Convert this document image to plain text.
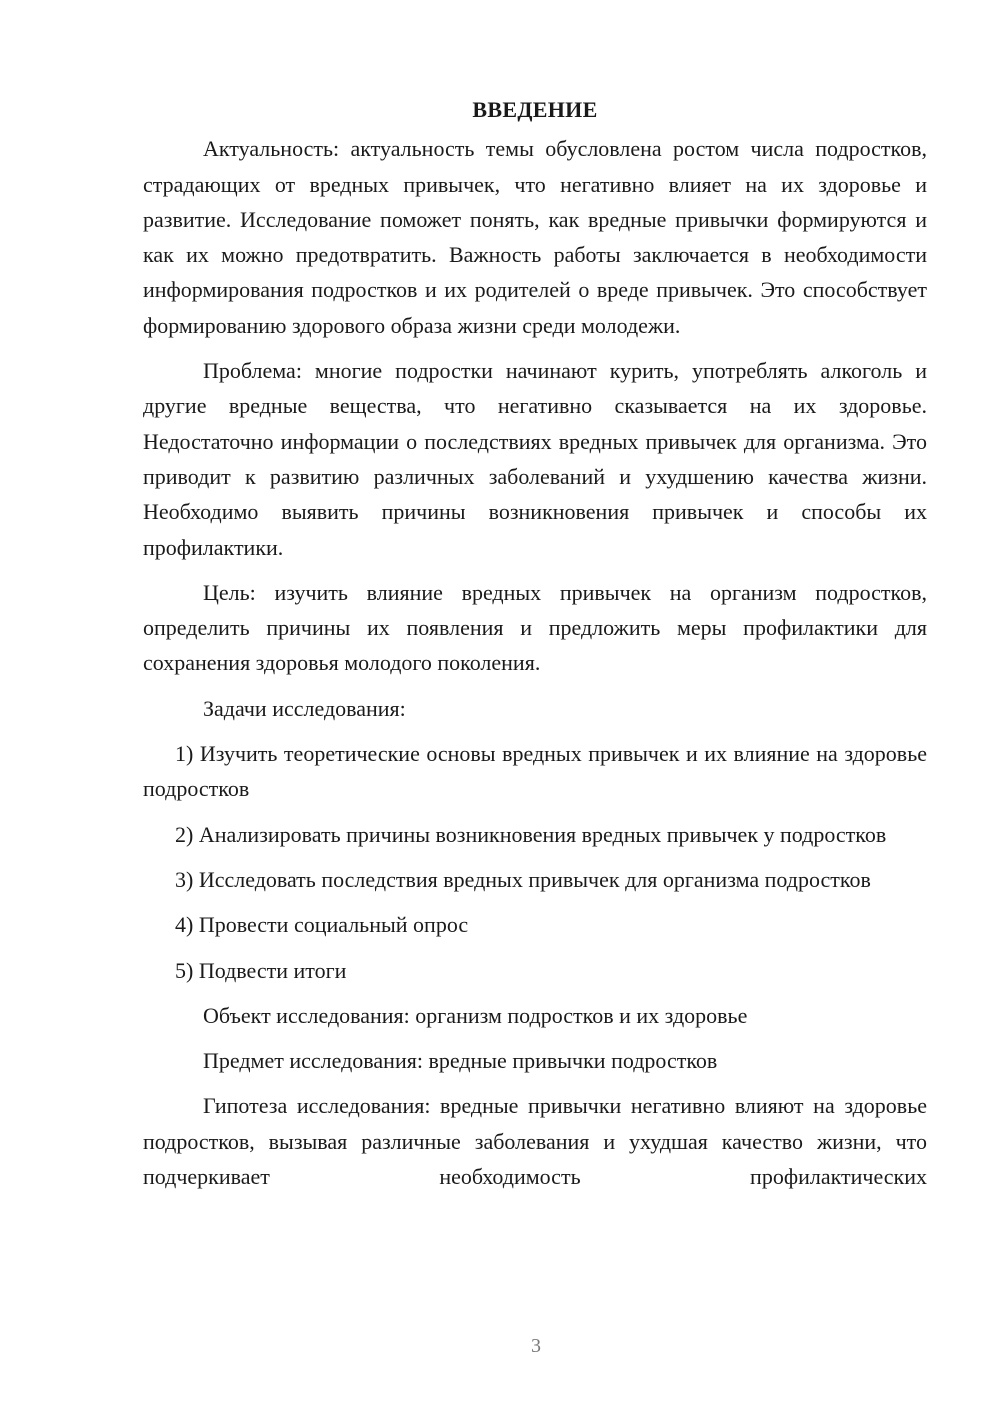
ВВЕДЕНИЕ

Актуальность: актуальность темы обусловлена ростом числа подростков, страдающих от вредных привычек, что негативно влияет на их здоровье и развитие. Исследование поможет понять, как вредные привычки формируются и как их можно предотвратить. Важность работы заключается в необходимости информирования подростков и их родителей о вреде привычек. Это способствует формированию здорового образа жизни среди молодежи.

Проблема: многие подростки начинают курить, употреблять алкоголь и другие вредные вещества, что негативно сказывается на их здоровье. Недостаточно информации о последствиях вредных привычек для организма. Это приводит к развитию различных заболеваний и ухудшению качества жизни. Необходимо выявить причины возникновения привычек и способы их профилактики.

Цель: изучить влияние вредных привычек на организм подростков, определить причины их появления и предложить меры профилактики для сохранения здоровья молодого поколения.

Задачи исследования:

1) Изучить теоретические основы вредных привычек и их влияние на здоровье подростков

2) Анализировать причины возникновения вредных привычек у подростков

3) Исследовать последствия вредных привычек для организма подростков

4) Провести социальный опрос

5) Подвести итоги

Объект исследования: организм подростков и их здоровье

Предмет исследования: вредные привычки подростков

Гипотеза исследования: вредные привычки негативно влияют на здоровье подростков, вызывая различные заболевания и ухудшая качество жизни, что подчеркивает необходимость профилактических

3
